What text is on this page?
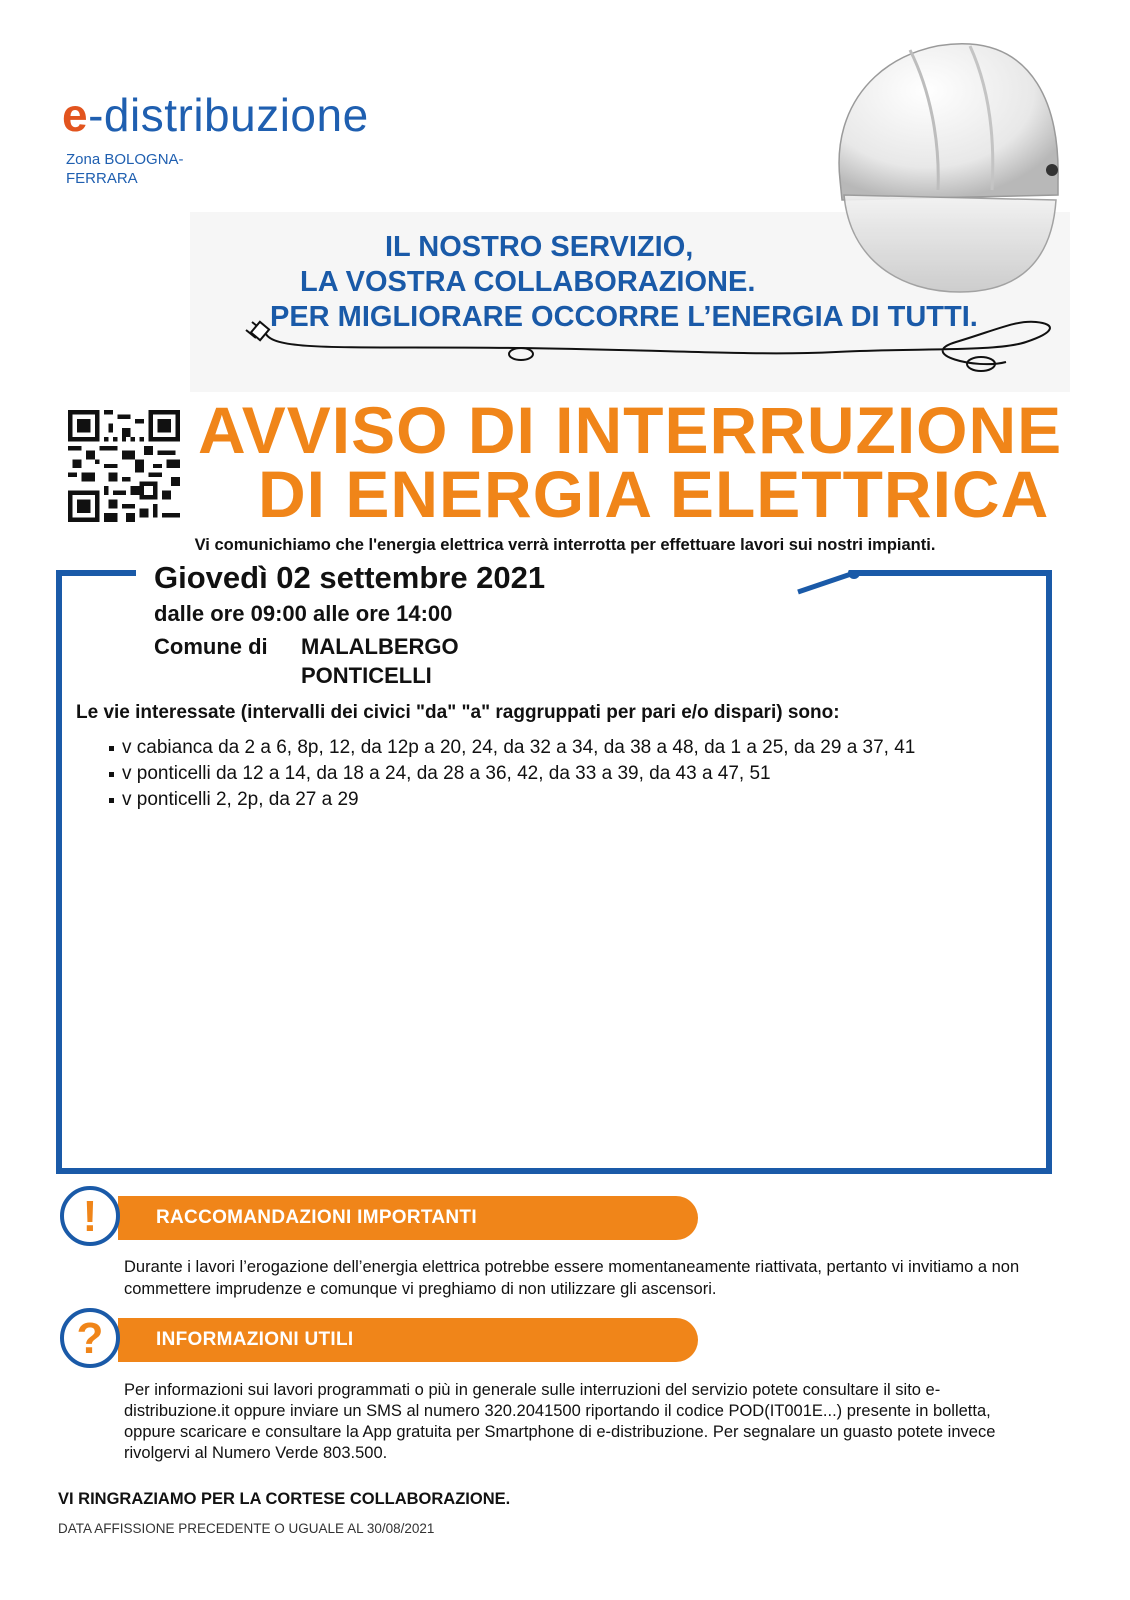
e-distribuzione
Zona BOLOGNA-FERRARA
IL NOSTRO SERVIZIO,
LA VOSTRA COLLABORAZIONE.
PER MIGLIORARE OCCORRE L’ENERGIA DI TUTTI.
AVVISO DI INTERRUZIONE
DI ENERGIA ELETTRICA
Vi comunichiamo che l'energia elettrica verrà interrotta per effettuare lavori sui nostri impianti.
Giovedì 02 settembre 2021
dalle ore 09:00 alle ore 14:00
Comune di MALALBERGO
PONTICELLI
Le vie interessate (intervalli dei civici "da" "a" raggruppati per pari e/o dispari) sono:
v cabianca da 2 a 6, 8p, 12, da 12p a 20, 24, da 32 a 34, da 38 a 48, da 1 a 25, da 29 a 37, 41
v ponticelli da 12 a 14, da 18 a 24, da 28 a 36, 42, da 33 a 39, da 43 a 47, 51
v ponticelli 2, 2p, da 27 a 29
RACCOMANDAZIONI IMPORTANTI
!
Durante i lavori l’erogazione dell’energia elettrica potrebbe essere momentaneamente riattivata, pertanto vi invitiamo a non commettere imprudenze e comunque vi preghiamo di non utilizzare gli ascensori.
INFORMAZIONI UTILI
?
Per informazioni sui lavori programmati o più in generale sulle interruzioni del servizio potete consultare il sito e-distribuzione.it oppure inviare un SMS al numero 320.2041500 riportando il codice POD(IT001E...) presente in bolletta, oppure scaricare e consultare la App gratuita per Smartphone di e-distribuzione. Per segnalare un guasto potete invece rivolgervi al Numero Verde 803.500.
VI RINGRAZIAMO PER LA CORTESE COLLABORAZIONE.
DATA AFFISSIONE PRECEDENTE O UGUALE AL 30/08/2021
